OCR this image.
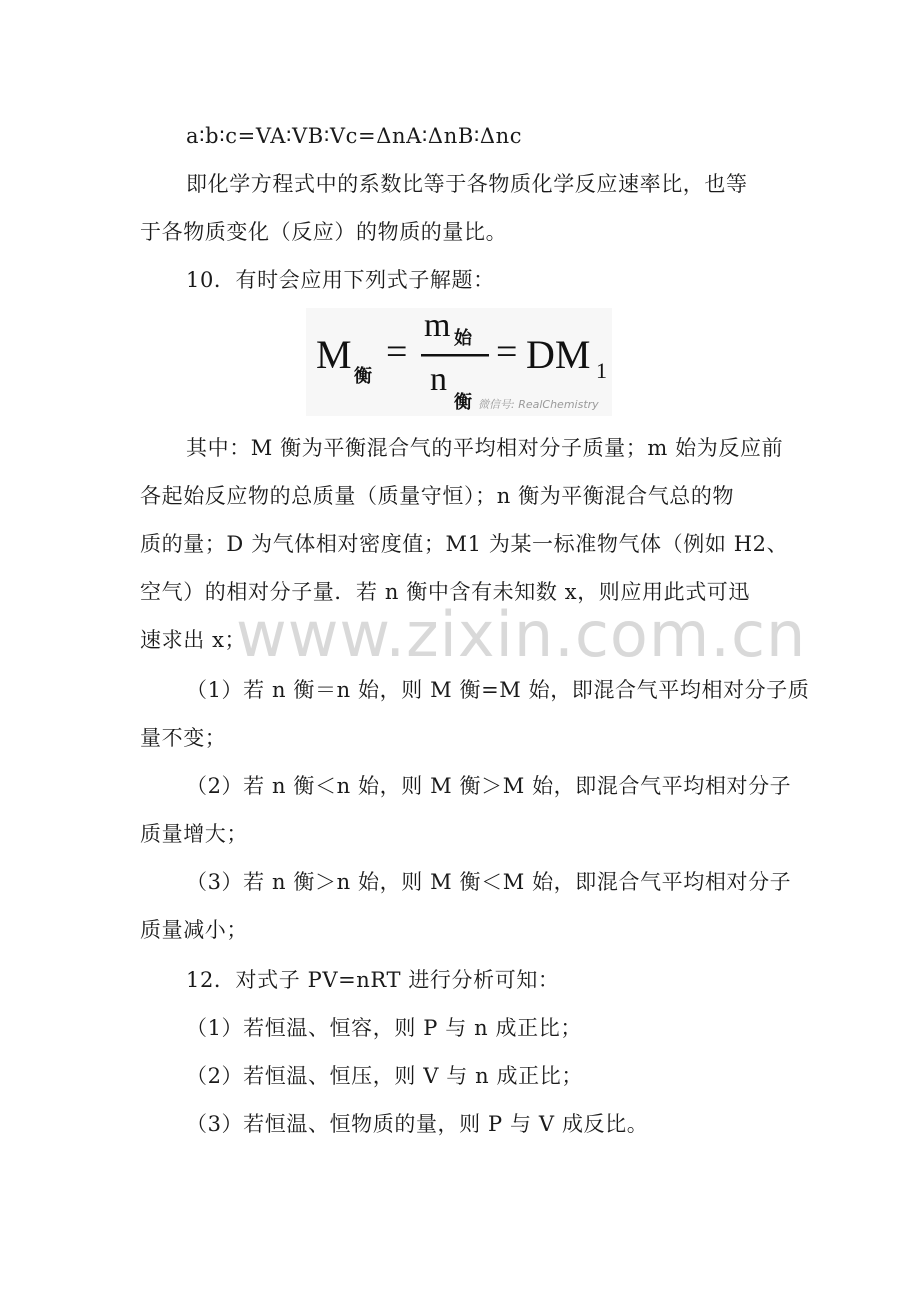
a∶b∶c=VA∶VB∶Vc=ΔnA∶ΔnB∶Δnc
即化学方程式中的系数比等于各物质化学反应速率比，也等
于各物质变化（反应）的物质的量比。
10．有时会应用下列式子解题：
M 衡
=
m 始
n
衡
= DM 1
微信号: RealChemistry
其中：M 衡为平衡混合气的平均相对分子质量；m 始为反应前
各起始反应物的总质量（质量守恒）；n 衡为平衡混合气总的物
质的量；D 为气体相对密度值；M1 为某一标准物气体（例如 H2、
空气）的相对分子量．若 n 衡中含有未知数 x，则应用此式可迅
速求出 x；
（1）若 n 衡＝n 始，则 M 衡=M 始，即混合气平均相对分子质
量不变；
（2）若 n 衡＜n 始，则 M 衡＞M 始，即混合气平均相对分子
质量增大；
（3）若 n 衡＞n 始，则 M 衡＜M 始，即混合气平均相对分子
质量减小；
12．对式子 PV=nRT 进行分析可知：
（1）若恒温、恒容，则 P 与 n 成正比；
（2）若恒温、恒压，则 V 与 n 成正比；
（3）若恒温、恒物质的量，则 P 与 V 成反比。
www.zixin.com.cn
